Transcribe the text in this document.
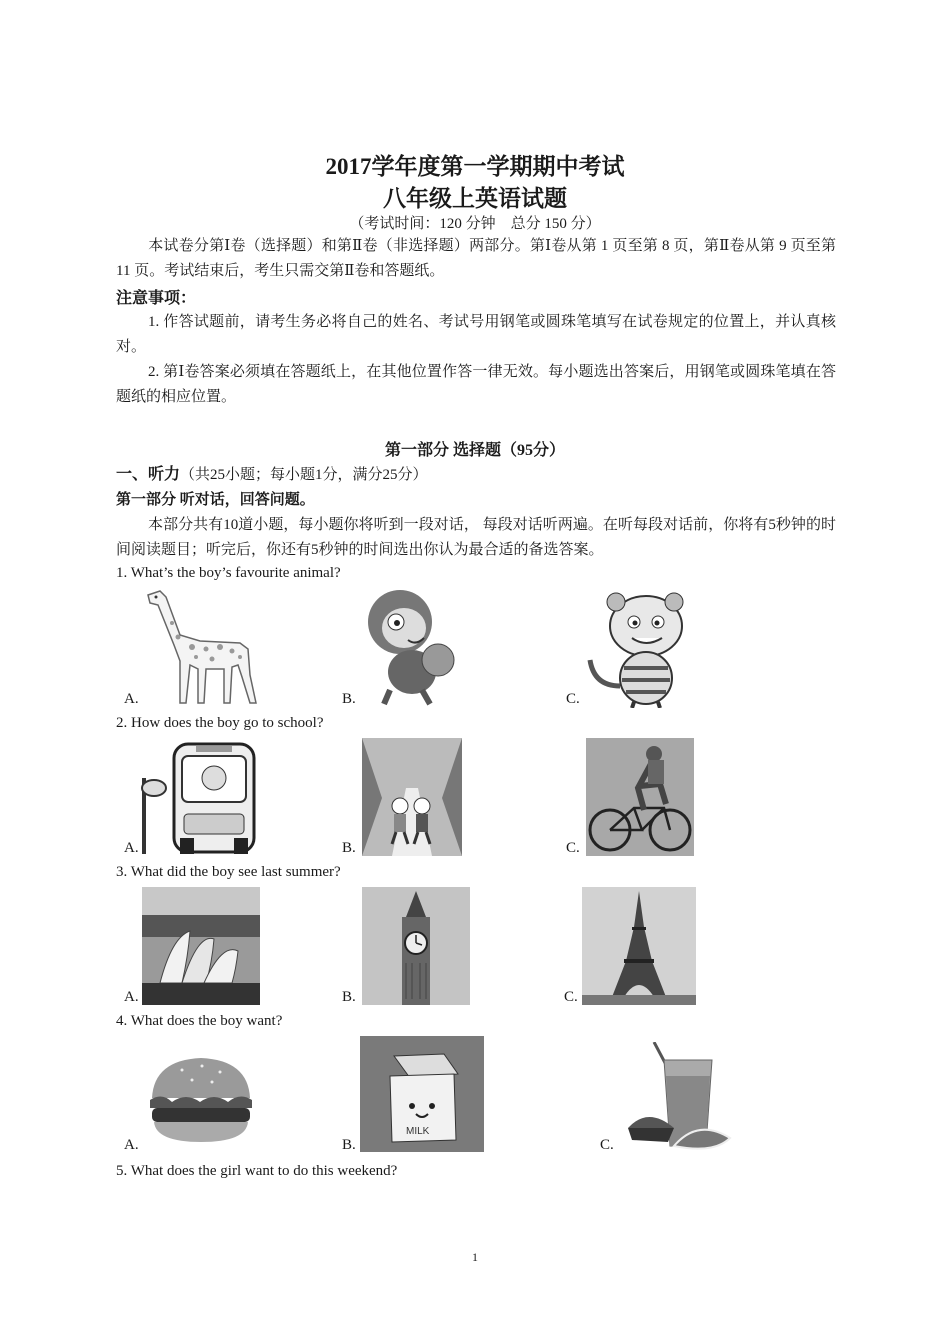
2017学年度第一学期期中考试
八年级上英语试题
（考试时间：120 分钟　总分 150 分）
本试卷分第Ⅰ卷（选择题）和第Ⅱ卷（非选择题）两部分。第Ⅰ卷从第 1 页至第 8 页，第Ⅱ卷从第 9 页至第 11 页。考试结束后，考生只需交第Ⅱ卷和答题纸。
注意事项：
1. 作答试题前，请考生务必将自己的姓名、考试号用钢笔或圆珠笔填写在试卷规定的位置上，并认真核对。
2. 第Ⅰ卷答案必须填在答题纸上，在其他位置作答一律无效。每小题选出答案后，用钢笔或圆珠笔填在答题纸的相应位置。
第一部分 选择题（95分）
一、听力（共25小题；每小题1分，满分25分）
第一部分 听对话，回答问题。
本部分共有10道小题，每小题你将听到一段对话， 每段对话听两遍。在听每段对话前，你将有5秒钟的时间阅读题目；听完后，你还有5秒钟的时间选出你认为最合适的备选答案。
1. What’s the boy’s favourite animal?
A.	B.	C.
2. How does the boy go to school?
A.	B.	C.
3. What did the boy see last summer?
A.	B.	C.
4. What does the boy want?
A.	B.	C.
MILK
5. What does the girl want to do this weekend?
1
